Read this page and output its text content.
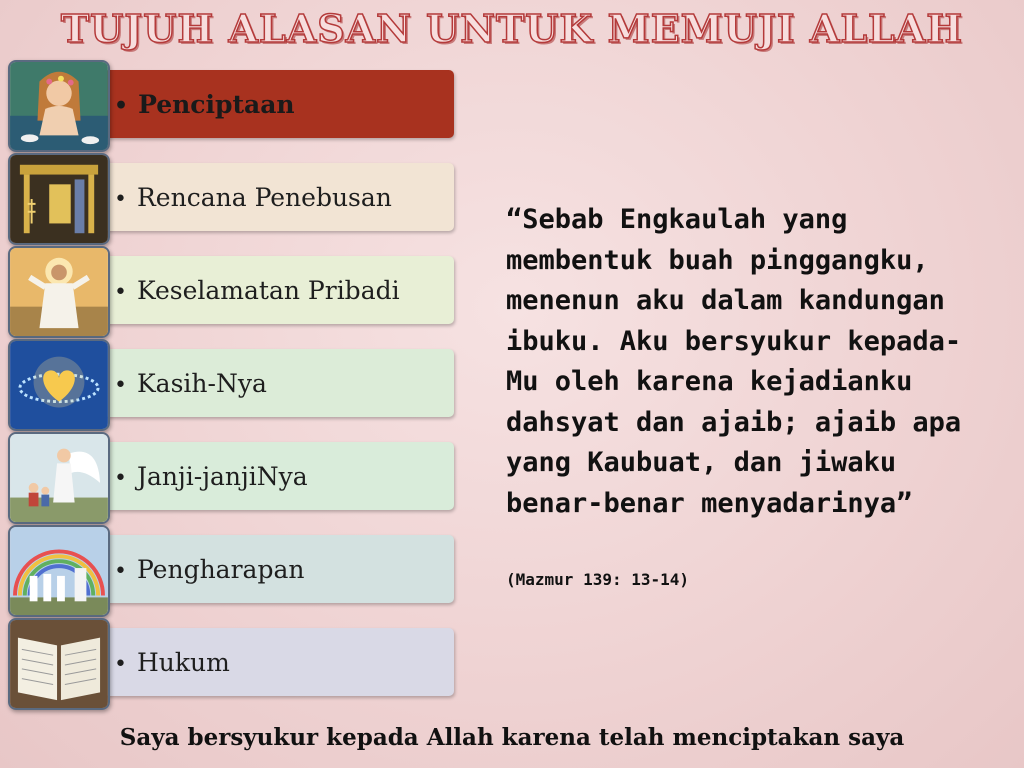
TUJUH ALASAN UNTUK MEMUJI ALLAH
• Penciptaan
• Rencana Penebusan
• Keselamatan Pribadi
• Kasih-Nya
• Janji-janjiNya
• Pengharapan
• Hukum
“Sebab Engkaulah yang membentuk buah pinggangku, menenun aku dalam kandungan ibuku. Aku bersyukur kepada-Mu oleh karena kejadianku dahsyat dan ajaib; ajaib apa yang Kaubuat, dan jiwaku benar-benar menyadarinya”
(Mazmur 139: 13-14)
Saya bersyukur kepada Allah karena telah menciptakan saya
